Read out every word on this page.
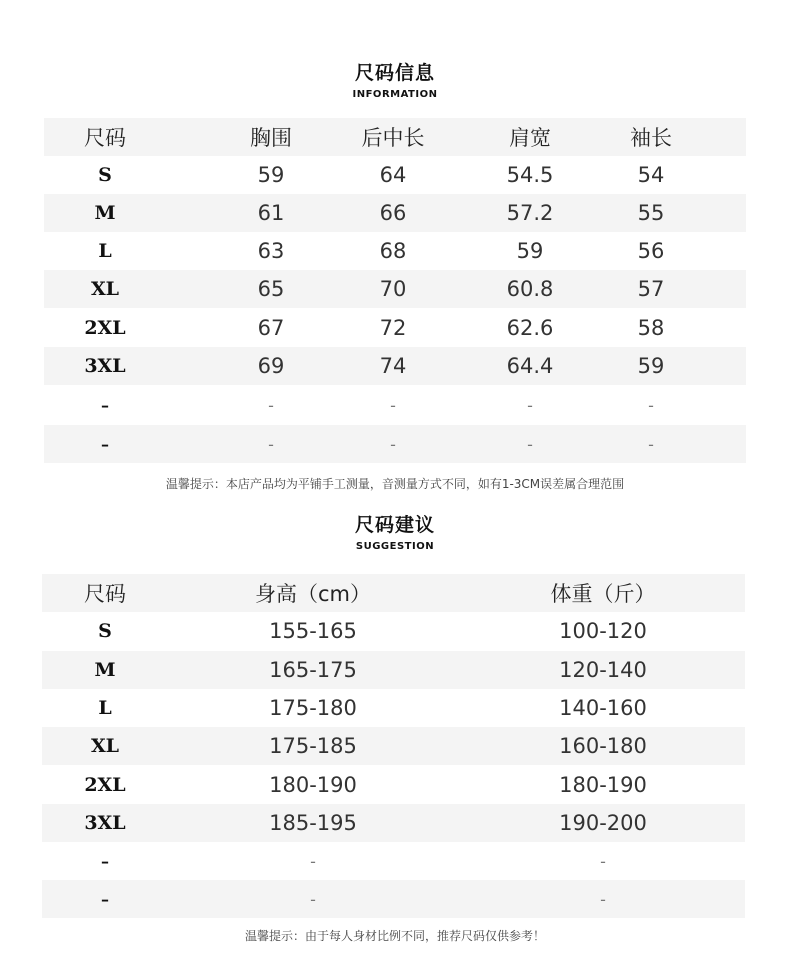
尺码信息
INFORMATION
尺码	胸围	后中长	肩宽	袖长
S	59	64	54.5	54
M	61	66	57.2	55
L	63	68	59	56
XL	65	70	60.8	57
2XL	67	72	62.6	58
3XL	69	74	64.4	59
–	-	-	-	-
–	-	-	-	-
温馨提示：本店产品均为平铺手工测量，音测量方式不同，如有1-3CM误差属合理范围
尺码建议
SUGGESTION
尺码	身高（cm）	体重（斤）
S	155-165	100-120
M	165-175	120-140
L	175-180	140-160
XL	175-185	160-180
2XL	180-190	180-190
3XL	185-195	190-200
–	-	-
–	-	-
温馨提示：由于每人身材比例不同，推荐尺码仅供参考！
